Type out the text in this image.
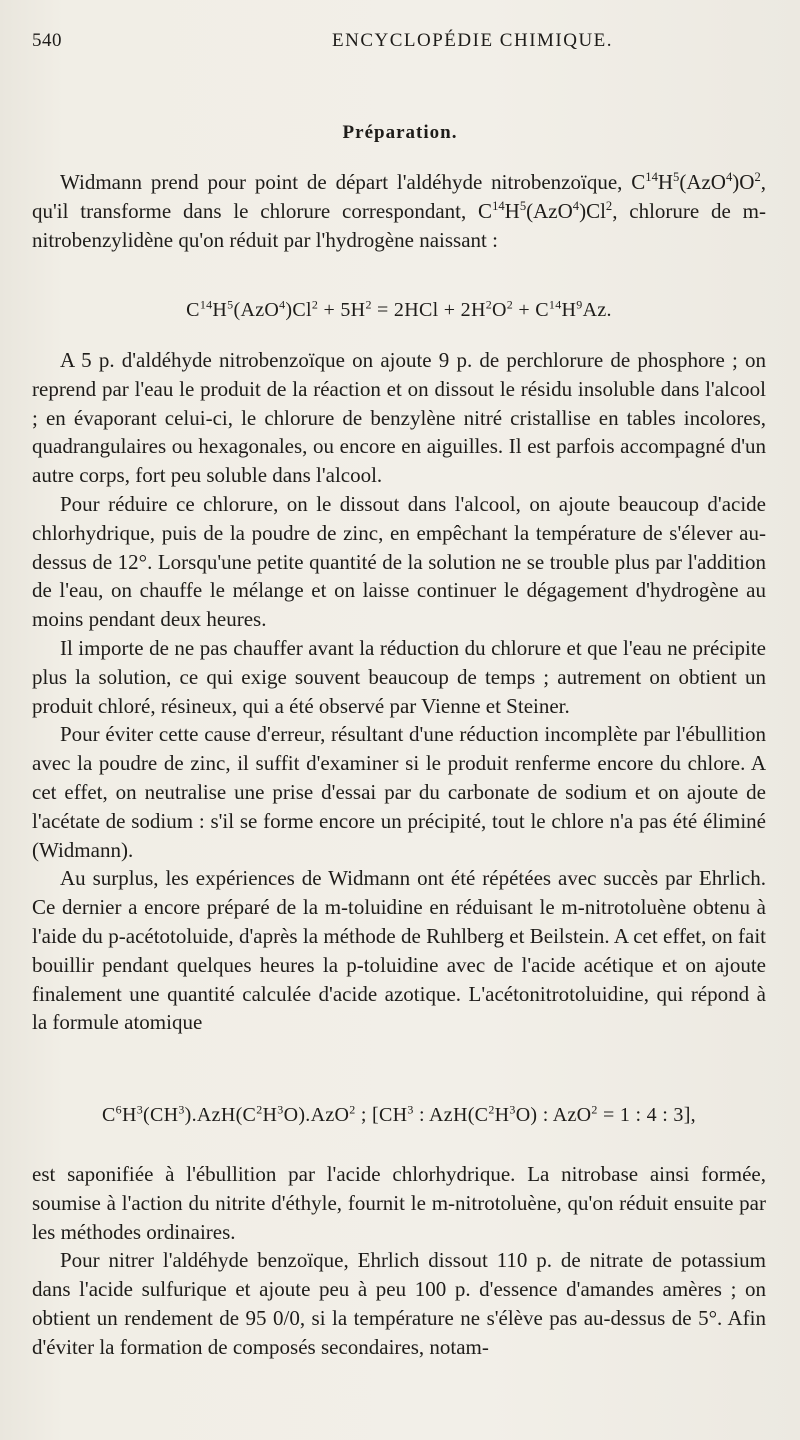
540	ENCYCLOPÉDIE CHIMIQUE.
Préparation.

Widmann prend pour point de départ l'aldéhyde nitrobenzoïque, $C^{14}H^5(AzO^4)O^2$, qu'il transforme dans le chlorure correspondant, $C^{14}H^5(AzO^4)Cl^2$, chlorure de m-nitrobenzylidène qu'on réduit par l'hydrogène naissant :

$C^{14}H^5(AzO^4)Cl^2 + 5H^2 = 2HCl + 2H^2O^2 + C^{14}H^9Az$.

A 5 p. d'aldéhyde nitrobenzoïque on ajoute 9 p. de perchlorure de phosphore ; on reprend par l'eau le produit de la réaction et on dissout le résidu insoluble dans l'alcool ; en évaporant celui-ci, le chlorure de benzylène nitré cristallise en tables incolores, quadrangulaires ou hexagonales, ou encore en aiguilles. Il est parfois accompagné d'un autre corps, fort peu soluble dans l'alcool.

Pour réduire ce chlorure, on le dissout dans l'alcool, on ajoute beaucoup d'acide chlorhydrique, puis de la poudre de zinc, en empêchant la température de s'élever au-dessus de 12°. Lorsqu'une petite quantité de la solution ne se trouble plus par l'addition de l'eau, on chauffe le mélange et on laisse continuer le dégagement d'hydrogène au moins pendant deux heures.

Il importe de ne pas chauffer avant la réduction du chlorure et que l'eau ne précipite plus la solution, ce qui exige souvent beaucoup de temps ; autrement on obtient un produit chloré, résineux, qui a été observé par Vienne et Steiner.

Pour éviter cette cause d'erreur, résultant d'une réduction incomplète par l'ébullition avec la poudre de zinc, il suffit d'examiner si le produit renferme encore du chlore. A cet effet, on neutralise une prise d'essai par du carbonate de sodium et on ajoute de l'acétate de sodium : s'il se forme encore un précipité, tout le chlore n'a pas été éliminé (Widmann).

Au surplus, les expériences de Widmann ont été répétées avec succès par Ehrlich. Ce dernier a encore préparé de la m-toluidine en réduisant le m-nitrotoluène obtenu à l'aide du p-acétotoluide, d'après la méthode de Ruhlberg et Beilstein. A cet effet, on fait bouillir pendant quelques heures la p-toluidine avec de l'acide acétique et on ajoute finalement une quantité calculée d'acide azotique. L'acétonitrotoluidine, qui répond à la formule atomique

$C^6H^3(CH^3).AzH(C^2H^3O).AzO^2$ ; [$CH^3$ : $AzH(C^2H^3O)$ : AzO$^2$ = 1 : 4 : 3],

est saponifiée à l'ébullition par l'acide chlorhydrique. La nitrobase ainsi formée, soumise à l'action du nitrite d'éthyle, fournit le m-nitrotoluène, qu'on réduit ensuite par les méthodes ordinaires.

Pour nitrer l'aldéhyde benzoïque, Ehrlich dissout 110 p. de nitrate de potassium dans l'acide sulfurique et ajoute peu à peu 100 p. d'essence d'amandes amères ; on obtient un rendement de 95 0/0, si la température ne s'élève pas au-dessus de 5°. Afin d'éviter la formation de composés secondaires, notam-
